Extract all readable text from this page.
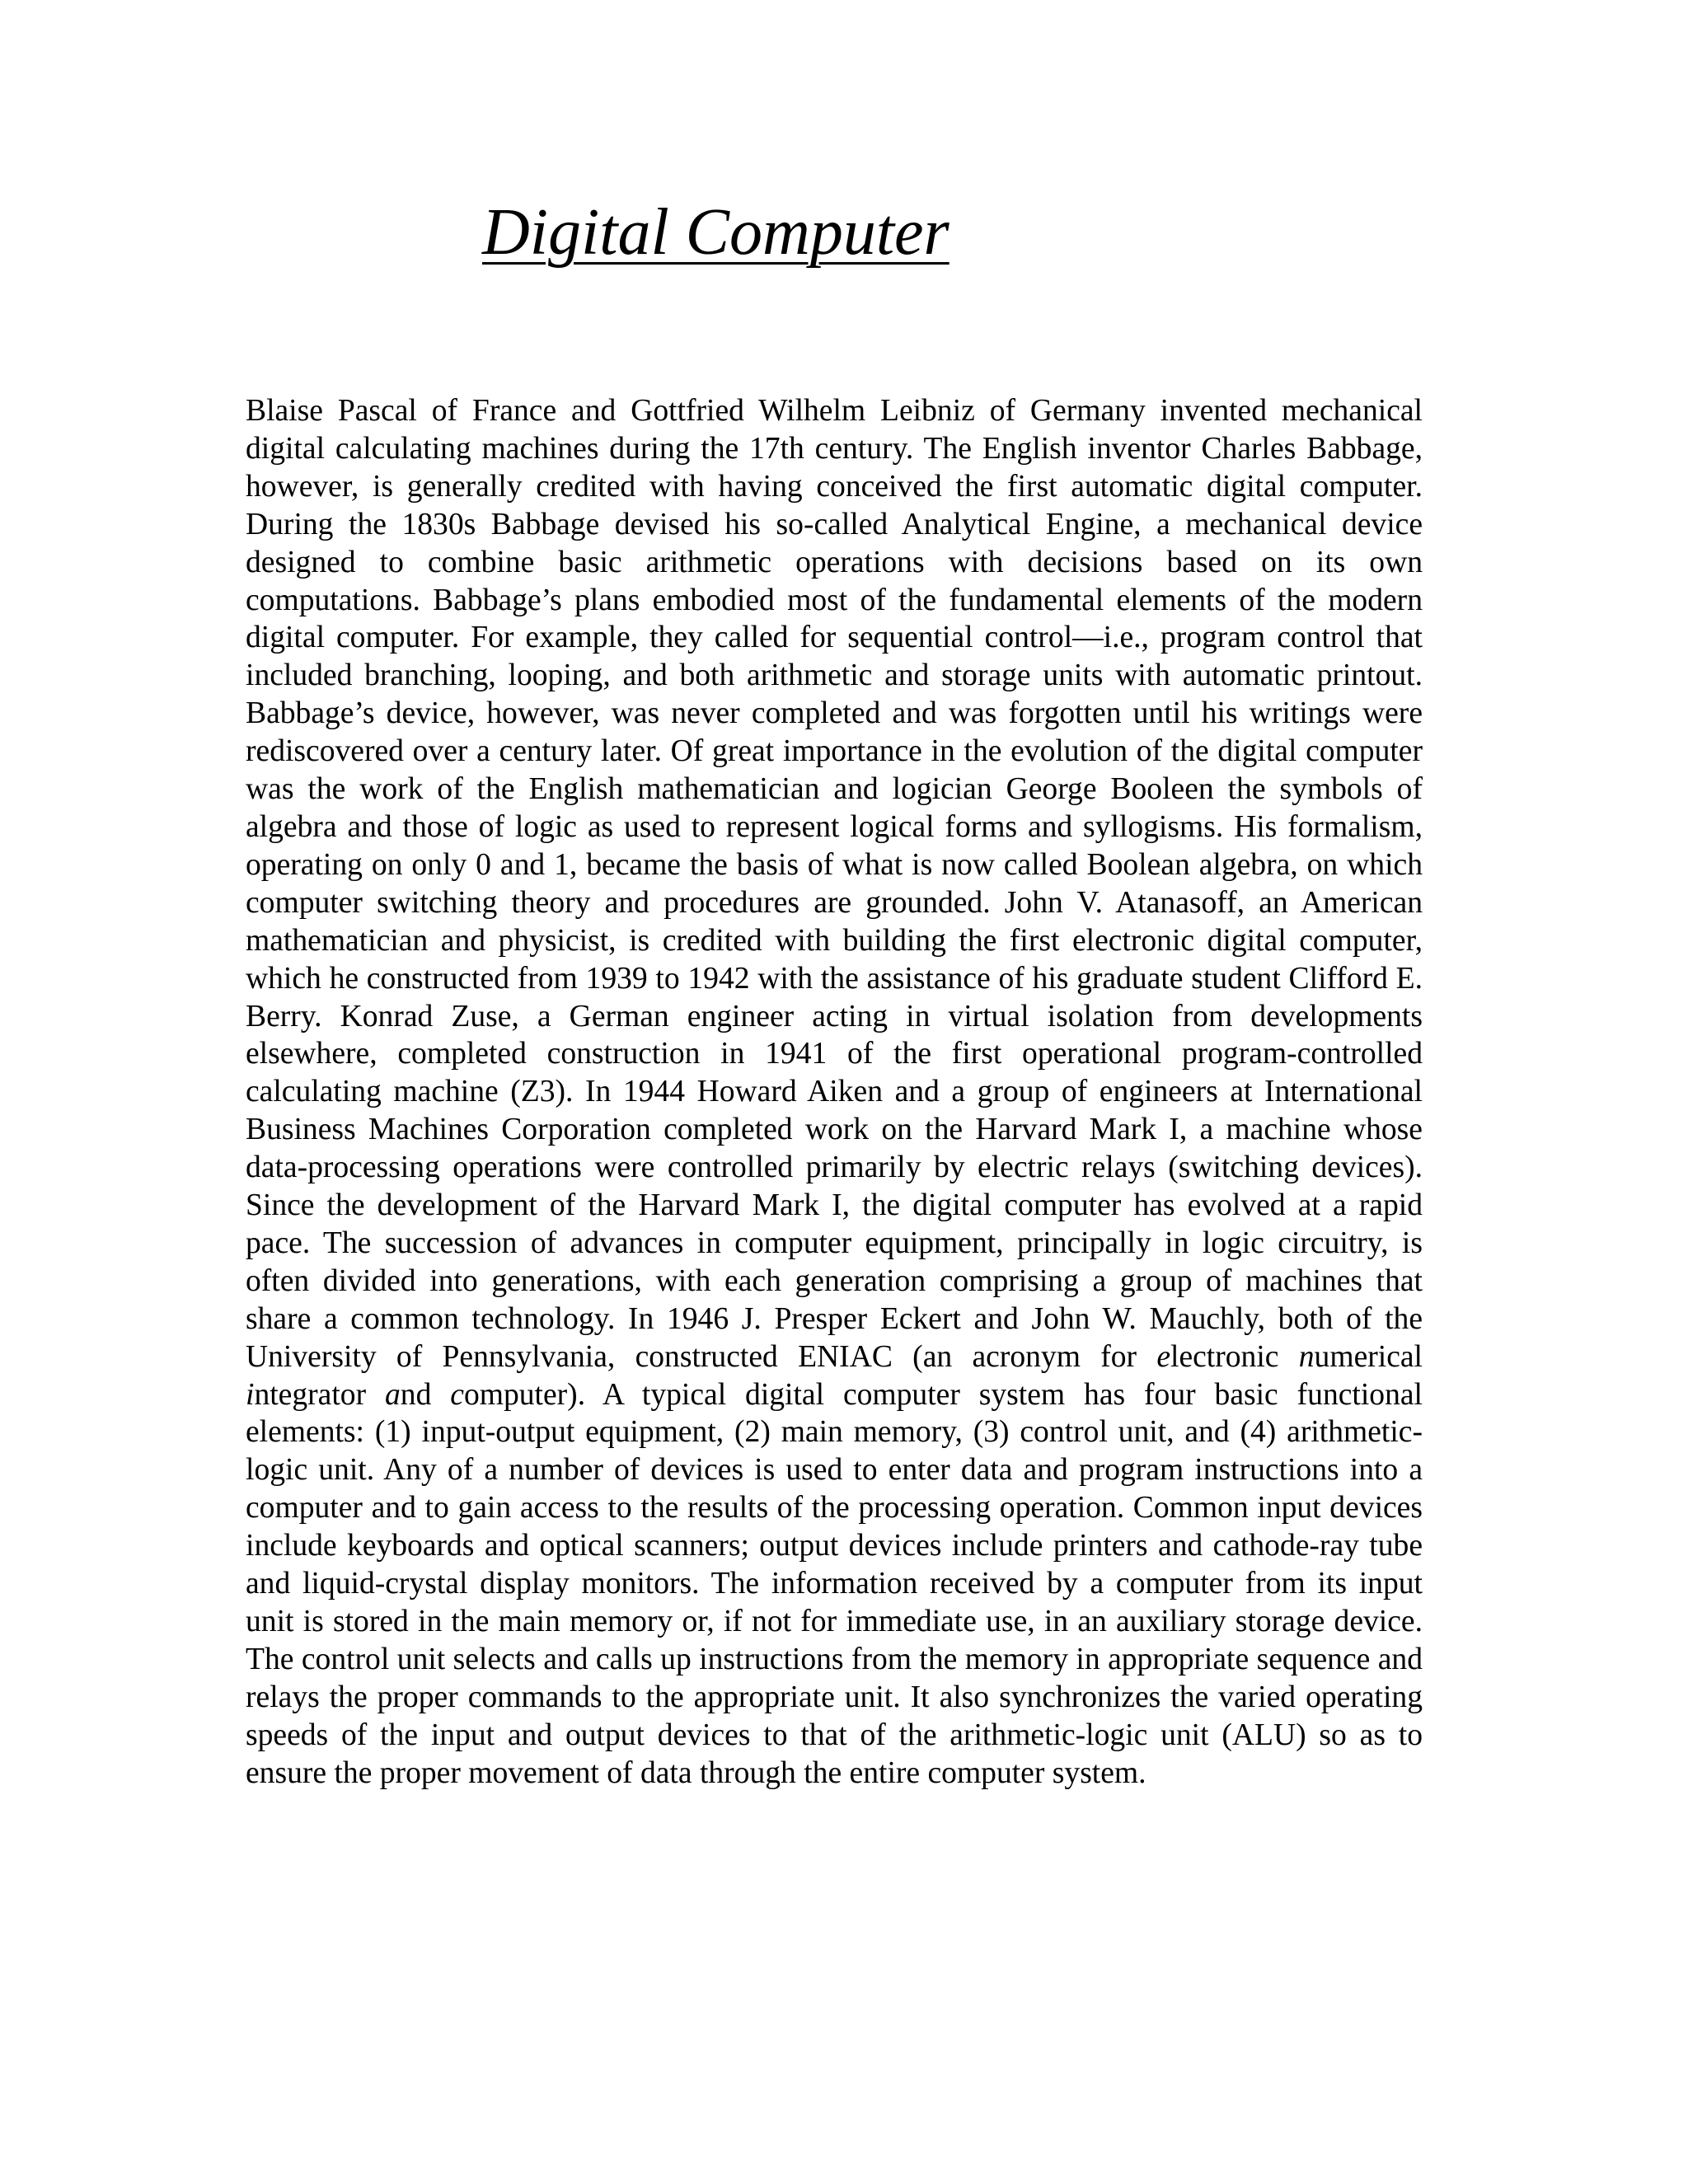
Digital Computer

Blaise Pascal of France and Gottfried Wilhelm Leibniz of Germany invented mechanical digital calculating machines during the 17th century. The English inventor Charles Babbage, however, is generally credited with having conceived the first automatic digital computer. During the 1830s Babbage devised his so-called Analytical Engine, a mechanical device designed to combine basic arithmetic operations with decisions based on its own computations. Babbage’s plans embodied most of the fundamental elements of the modern digital computer. For example, they called for sequential control—i.e., program control that included branching, looping, and both arithmetic and storage units with automatic printout. Babbage’s device, however, was never completed and was forgotten until his writings were rediscovered over a century later. Of great importance in the evolution of the digital computer was the work of the English mathematician and logician George Booleen the symbols of algebra and those of logic as used to represent logical forms and syllogisms. His formalism, operating on only 0 and 1, became the basis of what is now called Boolean algebra, on which computer switching theory and procedures are grounded. John V. Atanasoff, an American mathematician and physicist, is credited with building the first electronic digital computer, which he constructed from 1939 to 1942 with the assistance of his graduate student Clifford E. Berry. Konrad Zuse, a German engineer acting in virtual isolation from developments elsewhere, completed construction in 1941 of the first operational program-controlled calculating machine (Z3). In 1944 Howard Aiken and a group of engineers at International Business Machines Corporation completed work on the Harvard Mark I, a machine whose data-processing operations were controlled primarily by electric relays (switching devices). Since the development of the Harvard Mark I, the digital computer has evolved at a rapid pace. The succession of advances in computer equipment, principally in logic circuitry, is often divided into generations, with each generation comprising a group of machines that share a common technology. In 1946 J. Presper Eckert and John W. Mauchly, both of the University of Pennsylvania, constructed ENIAC (an acronym for electronic numerical integrator and computer). A typical digital computer system has four basic functional elements: (1) input-output equipment, (2) main memory, (3) control unit, and (4) arithmetic-logic unit. Any of a number of devices is used to enter data and program instructions into a computer and to gain access to the results of the processing operation. Common input devices include keyboards and optical scanners; output devices include printers and cathode-ray tube and liquid-crystal display monitors. The information received by a computer from its input unit is stored in the main memory or, if not for immediate use, in an auxiliary storage device. The control unit selects and calls up instructions from the memory in appropriate sequence and relays the proper commands to the appropriate unit. It also synchronizes the varied operating speeds of the input and output devices to that of the arithmetic-logic unit (ALU) so as to ensure the proper movement of data through the entire computer system.
